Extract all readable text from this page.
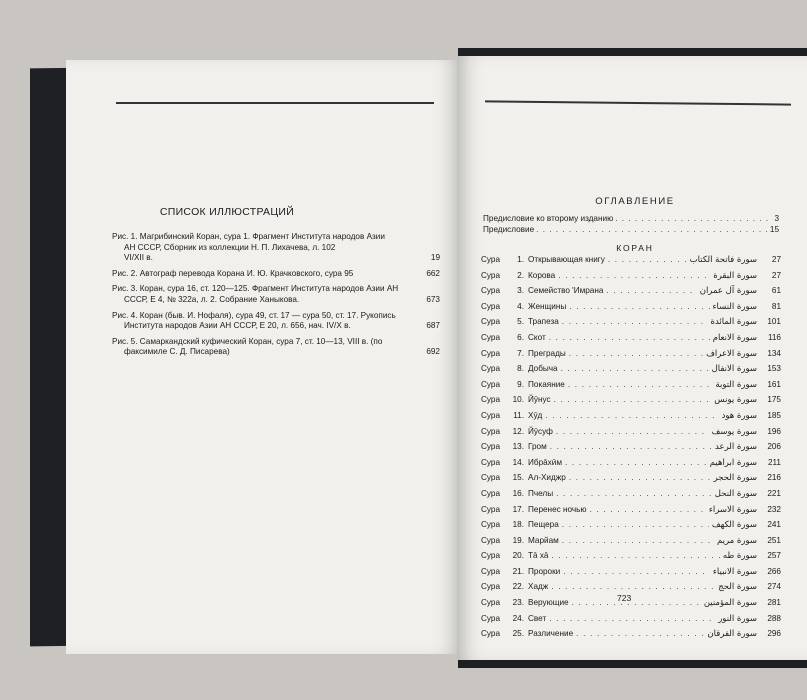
СПИСОК ИЛЛЮСТРАЦИЙ
Рис. 1. Магрибинский Коран, сура 1. Фрагмент Института народов Азии
АН СССР, Сборник из коллекции Н. П. Лихачева, л. 102
VI/XII в.	19
Рис. 2. Автограф перевода Корана И. Ю. Крачковского, сура 95	662
Рис. 3. Коран, сура 16, ст. 120—125. Фрагмент Института народов Азии АН
СССР, Е 4, № 322а, л. 2. Собрание Ханыкова.	673
Рис. 4. Коран (быв. И. Нофаля), сура 49, ст. 17 — сура 50, ст. 17. Рукопись
Института народов Азии АН СССР, Е 20, л. 656, нач. IV/X в.	687
Рис. 5. Самаркандский куфический Коран, сура 7, ст. 10—13, VIII в. (по
факсимиле С. Д. Писарева)	692
ОГЛАВЛЕНИЕ
Предисловие ко второму изданию . . .	3
Предисловие . . .	15
КОРАН
Сура	1. Открывающая книгу . . .	سورة فاتحة الكتاب	27
Сура	2. Корова . . .	سورة البقرة	27
Сура	3. Семейство 'Имрана . . .	سورة آل عمران	61
Сура	4. Женщины . . .	سورة النساء	81
Сура	5. Трапеза . . .	سورة المائدة	101
Сура	6. Скот . . .	سورة الانعام	116
Сура	7. Преграды . . .	سورة الاعراف	134
Сура	8. Добыча . . .	سورة الانفال	153
Сура	9. Покаяние . . .	سورة التوبة	161
Сура	10. Йӯнус . . .	سورة يونس	175
Сура	11. Хӯд . . .	سورة هود	185
Сура	12. Йӯсуф . . .	سورة يوسف	196
Сура	13. Гром . . .	سورة الرعد	206
Сура	14. Ибрāхӣм . . .	سورة ابراهيم	211
Сура	15. Ал-Хиджр . . .	سورة الحجر	216
Сура	16. Пчелы . . .	سورة النحل	221
Сура	17. Перенес ночью . . .	سورة الاسراء	232
Сура	18. Пещера . . .	سورة الكهف	241
Сура	19. Марйам . . .	سورة مريم	251
Сура	20. Тā хā . . .	سورة طه	257
Сура	21. Пророки . . .	سورة الانبياء	266
Сура	22. Хадж . . .	سورة الحج	274
Сура	23. Верующие . . .	سورة المؤمنين	281
Сура	24. Свет . . .	سورة النور	288
Сура	25. Различение . . .	سورة الفرقان	296
723
